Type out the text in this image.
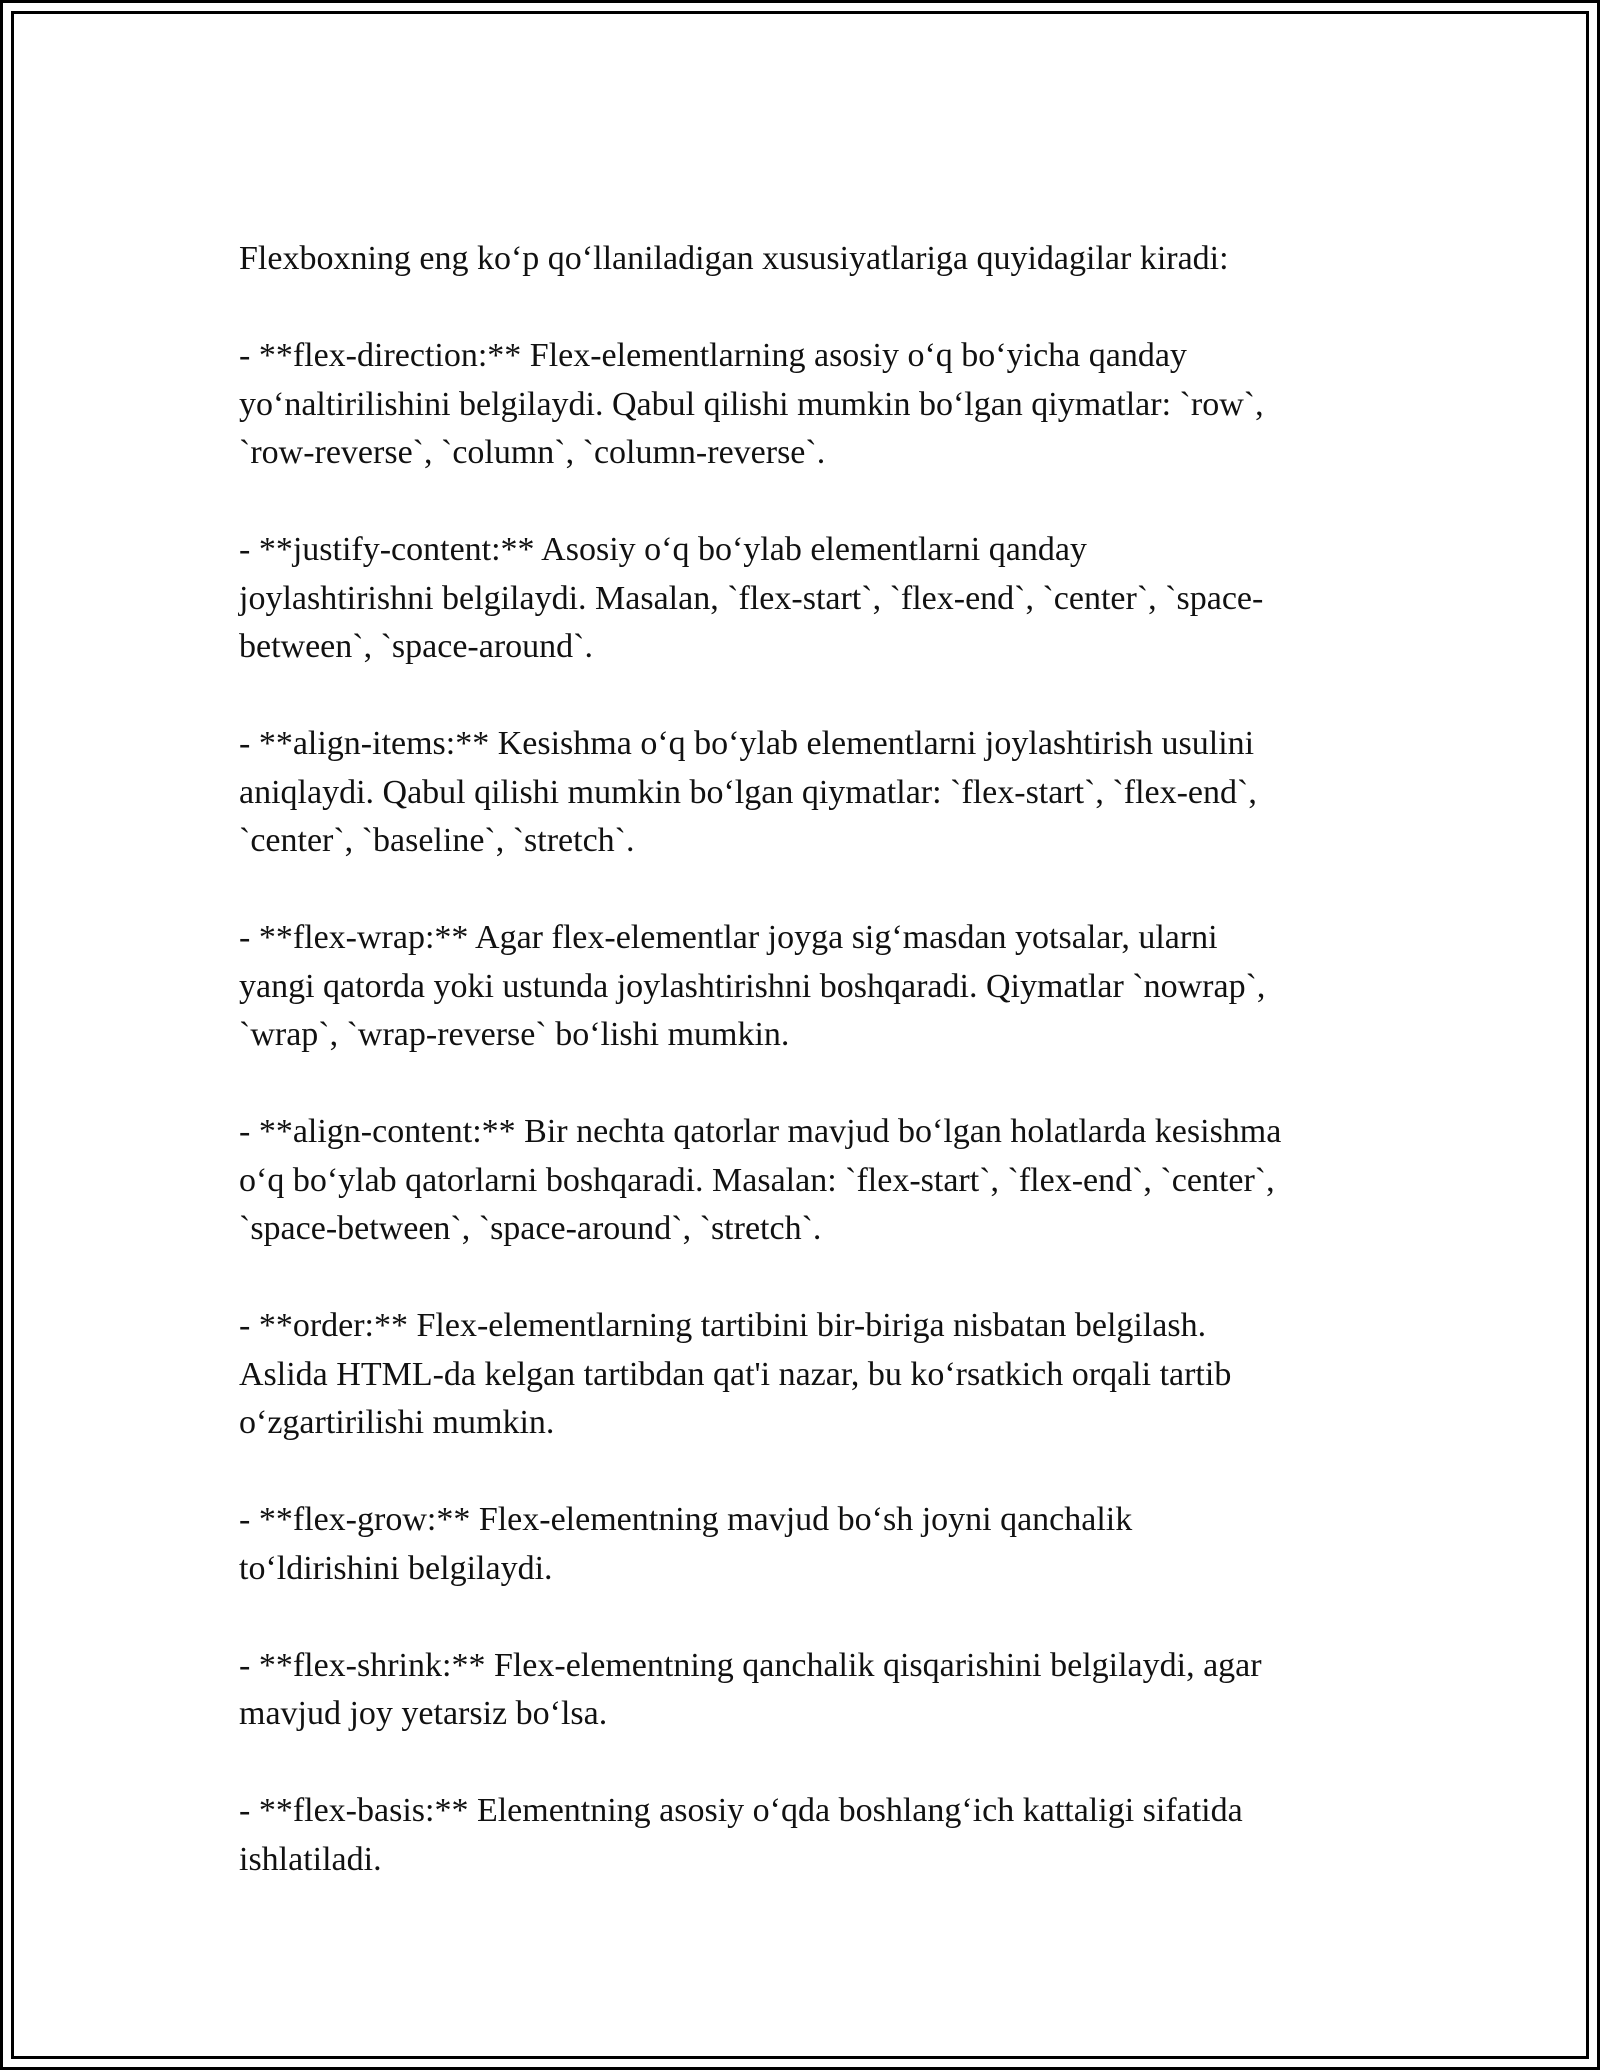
Flexboxning eng ko‘p qo‘llaniladigan xususiyatlariga quyidagilar kiradi:

- **flex-direction:** Flex-elementlarning asosiy o‘q bo‘yicha qanday
yo‘naltirilishini belgilaydi. Qabul qilishi mumkin bo‘lgan qiymatlar: `row`,
`row-reverse`, `column`, `column-reverse`.

- **justify-content:** Asosiy o‘q bo‘ylab elementlarni qanday
joylashtirishni belgilaydi. Masalan, `flex-start`, `flex-end`, `center`, `space-
between`, `space-around`.

- **align-items:** Kesishma o‘q bo‘ylab elementlarni joylashtirish usulini
aniqlaydi. Qabul qilishi mumkin bo‘lgan qiymatlar: `flex-start`, `flex-end`,
`center`, `baseline`, `stretch`.

- **flex-wrap:** Agar flex-elementlar joyga sig‘masdan yotsalar, ularni
yangi qatorda yoki ustunda joylashtirishni boshqaradi. Qiymatlar `nowrap`,
`wrap`, `wrap-reverse` bo‘lishi mumkin.

- **align-content:** Bir nechta qatorlar mavjud bo‘lgan holatlarda kesishma
o‘q bo‘ylab qatorlarni boshqaradi. Masalan: `flex-start`, `flex-end`, `center`,
`space-between`, `space-around`, `stretch`.

- **order:** Flex-elementlarning tartibini bir-biriga nisbatan belgilash.
Aslida HTML-da kelgan tartibdan qat'i nazar, bu ko‘rsatkich orqali tartib
o‘zgartirilishi mumkin.

- **flex-grow:** Flex-elementning mavjud bo‘sh joyni qanchalik
to‘ldirishini belgilaydi.

- **flex-shrink:** Flex-elementning qanchalik qisqarishini belgilaydi, agar
mavjud joy yetarsiz bo‘lsa.

- **flex-basis:** Elementning asosiy o‘qda boshlang‘ich kattaligi sifatida
ishlatiladi.
